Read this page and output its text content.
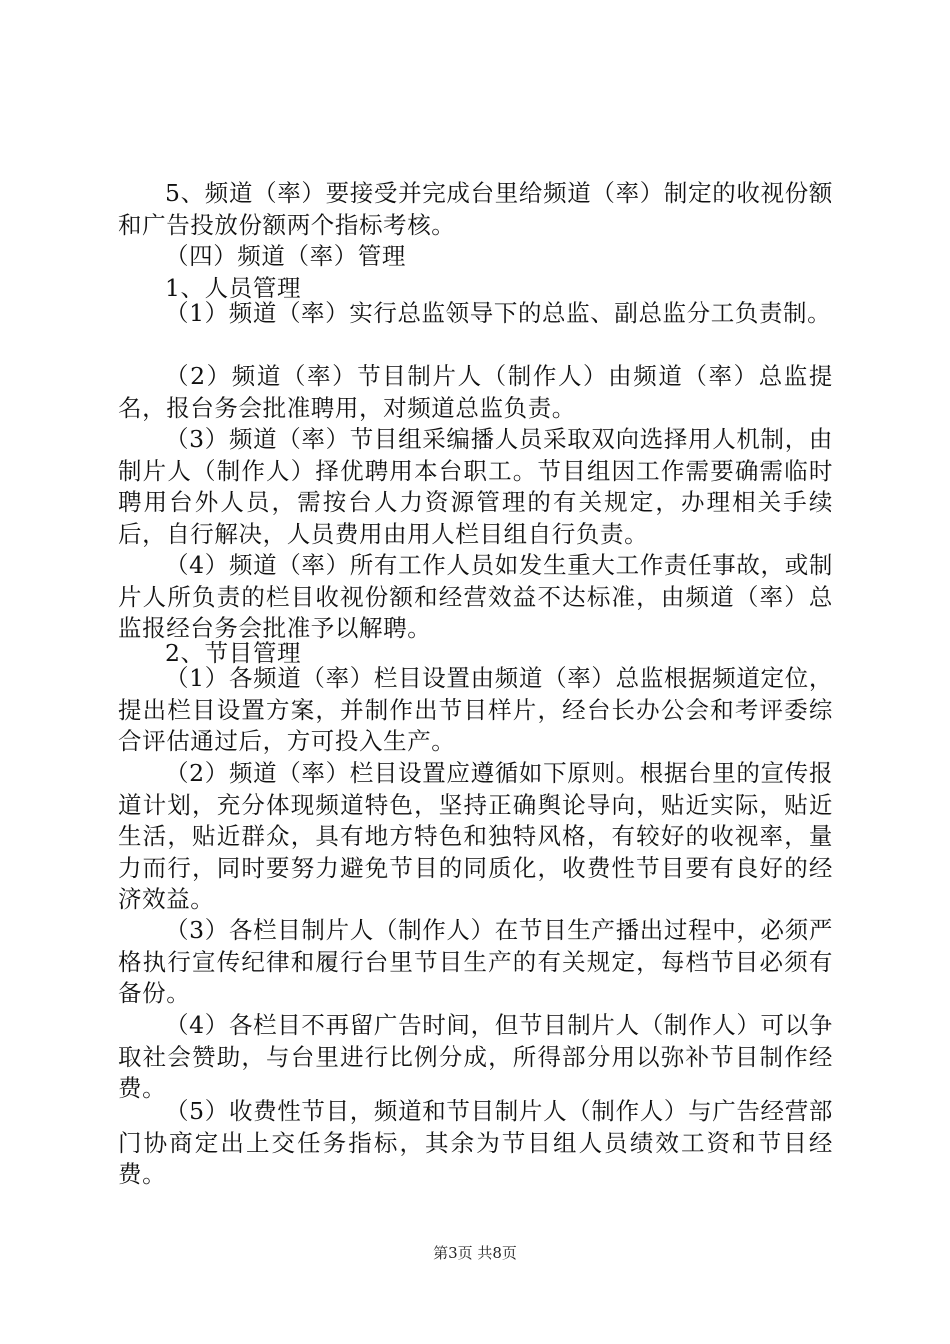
5、频道（率）要接受并完成台里给频道（率）制定的收视份额和广告投放份额两个指标考核。

（四）频道（率）管理

1、人员管理

（1）频道（率）实行总监领导下的总监、副总监分工负责制。

（2）频道（率）节目制片人（制作人）由频道（率）总监提名，报台务会批准聘用，对频道总监负责。

（3）频道（率）节目组采编播人员采取双向选择用人机制，由制片人（制作人）择优聘用本台职工。节目组因工作需要确需临时聘用台外人员，需按台人力资源管理的有关规定，办理相关手续后，自行解决，人员费用由用人栏目组自行负责。

（4）频道（率）所有工作人员如发生重大工作责任事故，或制片人所负责的栏目收视份额和经营效益不达标准，由频道（率）总监报经台务会批准予以解聘。

2、节目管理

（1）各频道（率）栏目设置由频道（率）总监根据频道定位，提出栏目设置方案，并制作出节目样片，经台长办公会和考评委综合评估通过后，方可投入生产。

（2）频道（率）栏目设置应遵循如下原则。根据台里的宣传报道计划，充分体现频道特色，坚持正确舆论导向，贴近实际，贴近生活，贴近群众，具有地方特色和独特风格，有较好的收视率，量力而行，同时要努力避免节目的同质化，收费性节目要有良好的经济效益。

（3）各栏目制片人（制作人）在节目生产播出过程中，必须严格执行宣传纪律和履行台里节目生产的有关规定，每档节目必须有备份。

（4）各栏目不再留广告时间，但节目制片人（制作人）可以争取社会赞助，与台里进行比例分成，所得部分用以弥补节目制作经费。

（5）收费性节目，频道和节目制片人（制作人）与广告经营部门协商定出上交任务指标，其余为节目组人员绩效工资和节目经费。

第3页 共8页
